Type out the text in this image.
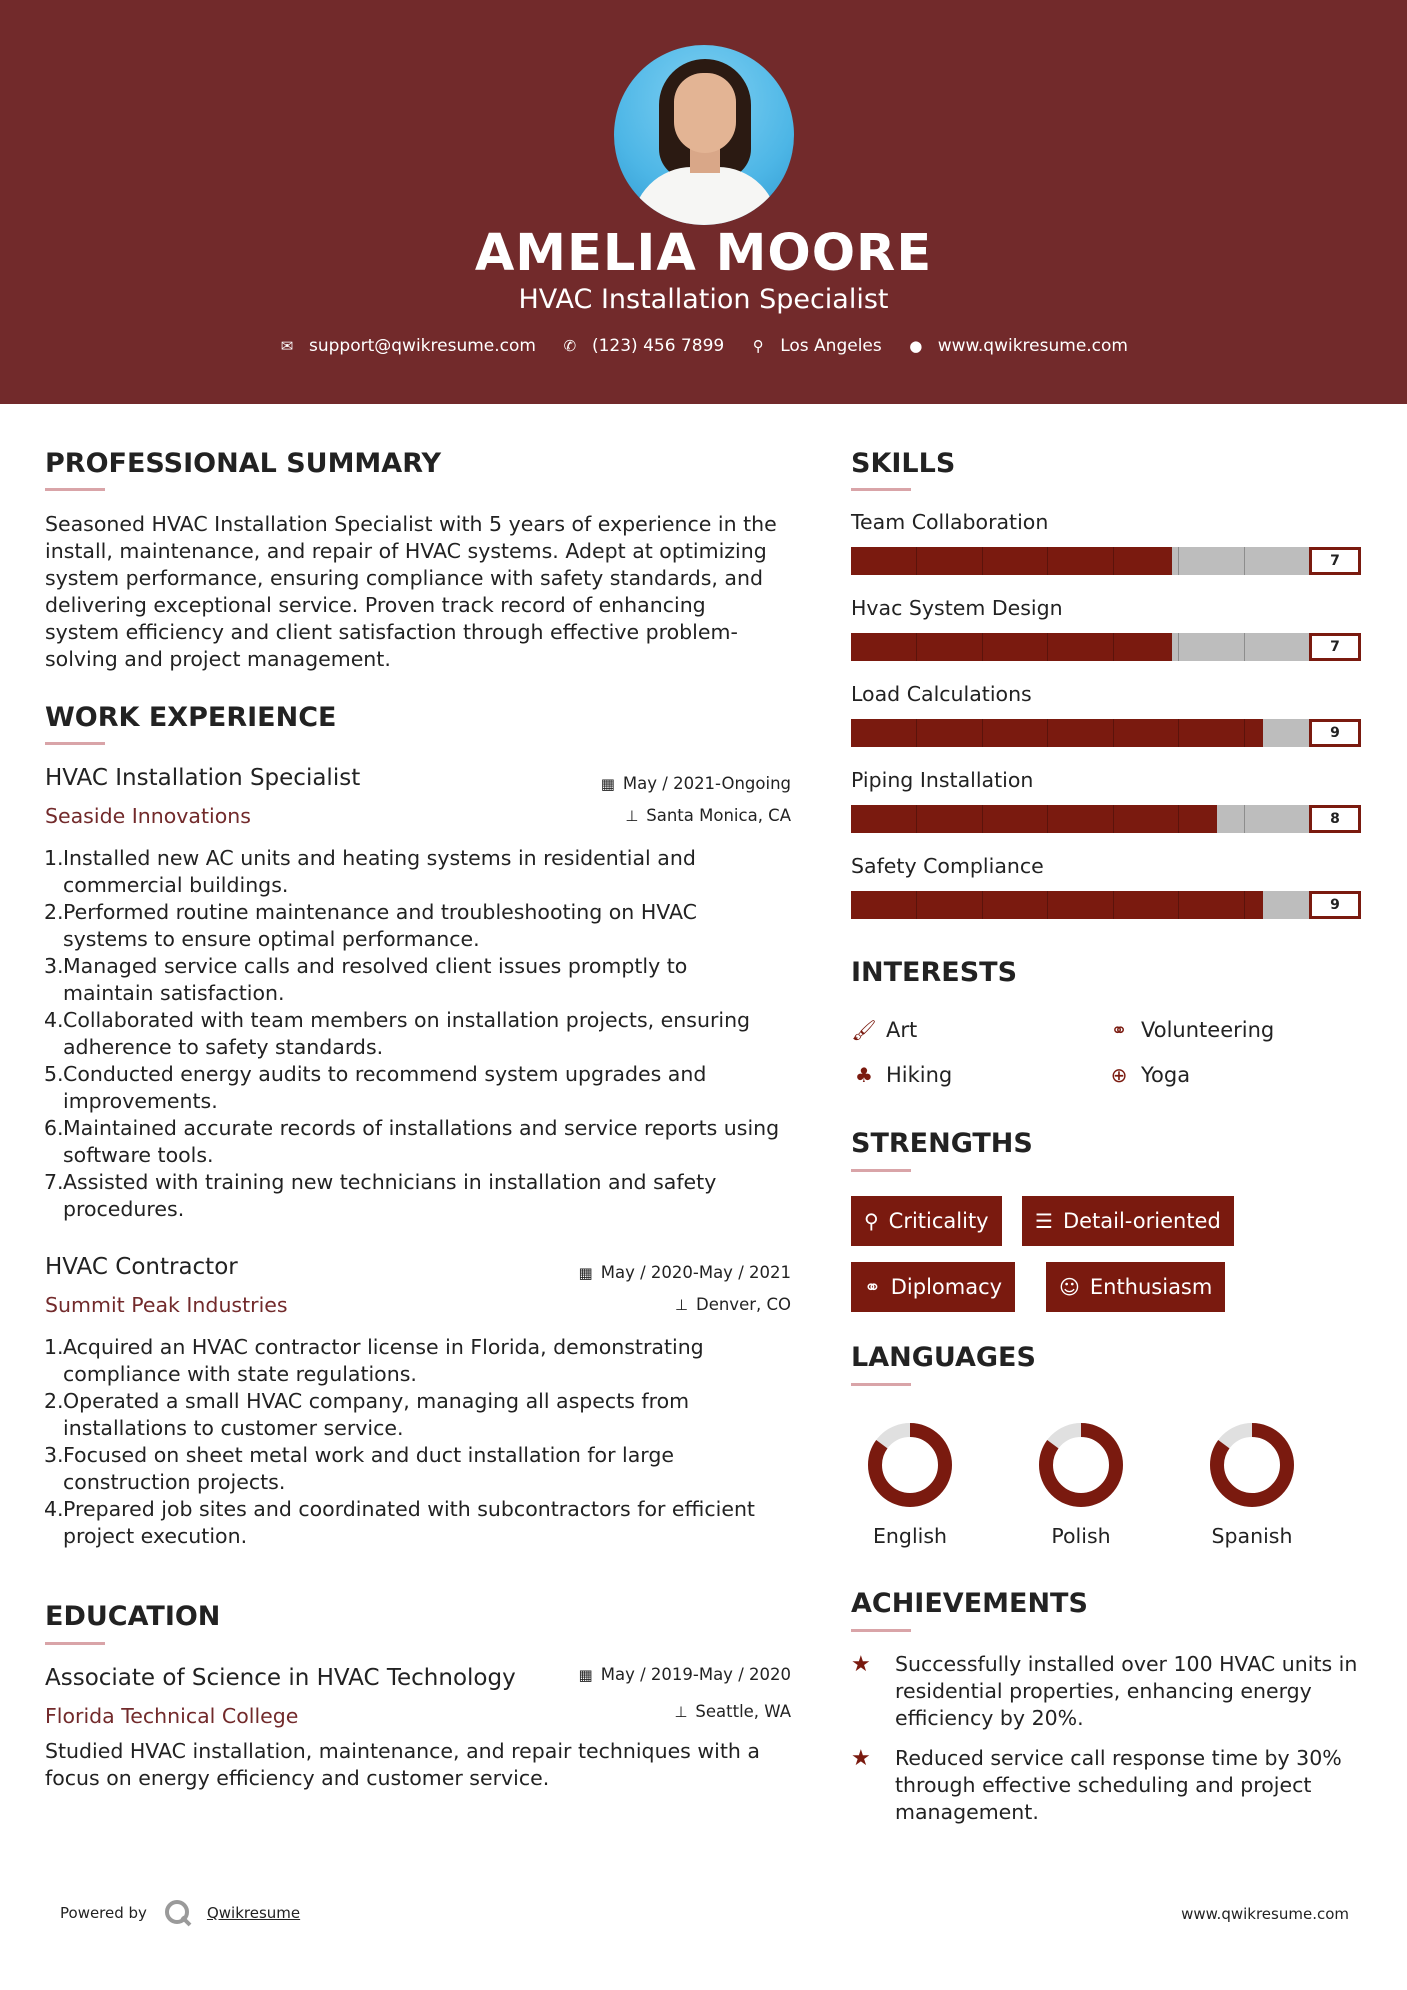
AMELIA MOORE
HVAC Installation Specialist
✉ support@qwikresume.com ✆ (123) 456 7899 ⚲ Los Angeles ● www.qwikresume.com
PROFESSIONAL SUMMARY
Seasoned HVAC Installation Specialist with 5 years of experience in the
install, maintenance, and repair of HVAC systems. Adept at optimizing
system performance, ensuring compliance with safety standards, and
delivering exceptional service. Proven track record of enhancing
system efficiency and client satisfaction through effective problem-
solving and project management.
WORK EXPERIENCE
HVAC Installation Specialist
Seaside Innovations
▦ May / 2021-Ongoing
⊥ Santa Monica, CA
1. Installed new AC units and heating systems in residential and
commercial buildings.
2. Performed routine maintenance and troubleshooting on HVAC
systems to ensure optimal performance.
3. Managed service calls and resolved client issues promptly to
maintain satisfaction.
4. Collaborated with team members on installation projects, ensuring
adherence to safety standards.
5. Conducted energy audits to recommend system upgrades and
improvements.
6. Maintained accurate records of installations and service reports using
software tools.
7. Assisted with training new technicians in installation and safety
procedures.
HVAC Contractor
Summit Peak Industries
▦ May / 2020-May / 2021
⊥ Denver, CO
1. Acquired an HVAC contractor license in Florida, demonstrating
compliance with state regulations.
2. Operated a small HVAC company, managing all aspects from
installations to customer service.
3. Focused on sheet metal work and duct installation for large
construction projects.
4. Prepared job sites and coordinated with subcontractors for efficient
project execution.
EDUCATION
Associate of Science in HVAC Technology
Florida Technical College
▦ May / 2019-May / 2020
⊥ Seattle, WA
Studied HVAC installation, maintenance, and repair techniques with a
focus on energy efficiency and customer service.
SKILLS
Team Collaboration
7
Hvac System Design
7
Load Calculations
9
Piping Installation
8
Safety Compliance
9
INTERESTS
🖌 Art	⚭ Volunteering
♣ Hiking	⊕ Yoga
STRENGTHS
⚲ Criticality ☰ Detail-oriented
⚭ Diplomacy	☺ Enthusiasm
LANGUAGES
English	Polish	Spanish
ACHIEVEMENTS
★	Successfully installed over 100 HVAC units in
residential properties, enhancing energy
efficiency by 20%.
★	Reduced service call response time by 30%
through effective scheduling and project
management.
Powered by	Qwikresume	www.qwikresume.com
